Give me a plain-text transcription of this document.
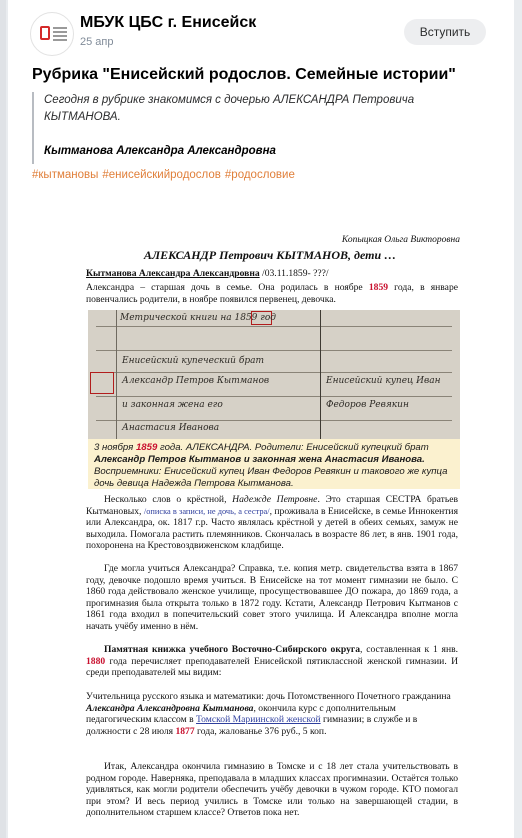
МБУК ЦБС г. Енисейск
25 апр
Вступить
Рубрика "Енисейский родослов. Семейные истории"
Сегодня в рубрике знакомимся с дочерью АЛЕКСАНДРА Петровича КЫТМАНОВА.
Кытманова Александра Александровна
#кытмановы #енисейскийродослов #родословие
Копыцкая Ольга Викторовна
АЛЕКСАНДР Петрович КЫТМАНОВ, дети …
Кытманова Александра Александровна /03.11.1859- ???/
Александра – старшая дочь в семье. Она родилась в ноябре 1859 года, в январе повенчались родители, в ноябре появился первенец, девочка.
Метрической книги на 1859 год
Енисейский купеческий брат
Александр Петров Кытманов
и законная жена его
Анастасия Иванова
Енисейский купец Иван
Федоров Ревякин
3 ноября 1859 года. АЛЕКСАНДРА. Родители: Енисейский купецкий брат
Александр Петров Кытманов и законная жена Анастасия Иванова.
Восприемники: Енисейский купец Иван Федоров Ревякин и такового же купца
дочь девица Надежда Петрова Кытманова.
Несколько слов о крёстной, Надежде Петровне. Это старшая СЕСТРА братьев Кытмановых, /описка в записи, не дочь, а сестра/, проживала в Енисейске, в семье Иннокентия или Александра, ок. 1817 г.р. Часто являлась крёстной у детей в обеих семьях, замуж не выходила. Помогала растить племянников. Скончалась в возрасте 86 лет, в янв. 1901 года, похоронена на Крестовоздвиженском кладбище.
Где могла учиться Александра? Справка, т.е. копия метр. свидетельства взята в 1867 году, девочке подошло время учиться. В Енисейске на тот момент гимназии не было. С 1860 года действовало женское училище, просуществовавшее ДО пожара, до 1869 года, а прогимназия была открыта только в 1872 году. Кстати, Александр Петрович Кытманов с 1861 года входил в попечительский совет этого училища. И Александра вполне могла начать учёбу именно в нём.
Памятная книжка учебного Восточно-Сибирского округа, составленная к 1 янв. 1880 года перечисляет преподавателей Енисейской пятиклассной женской гимназии. И среди преподавателей мы видим:
Учительница русского языка и математики: дочь Потомственного Почетного гражданина Александра Александровна Кытманова, окончила курс с дополнительным педагогическим классом в Томской Мариинской женской гимназии; в службе и в должности с 28 июля 1877 года, жалованье 376 руб., 5 коп.
Итак, Александра окончила гимназию в Томске и с 18 лет стала учительствовать в родном городе. Наверняка, преподавала в младших классах прогимназии. Остаётся только удивляться, как могли родители обеспечить учёбу девочки в чужом городе. КТО помогал при этом? И весь период учились в Томске или только на завершающей стадии, в дополнительном старшем классе? Ответов пока нет.
